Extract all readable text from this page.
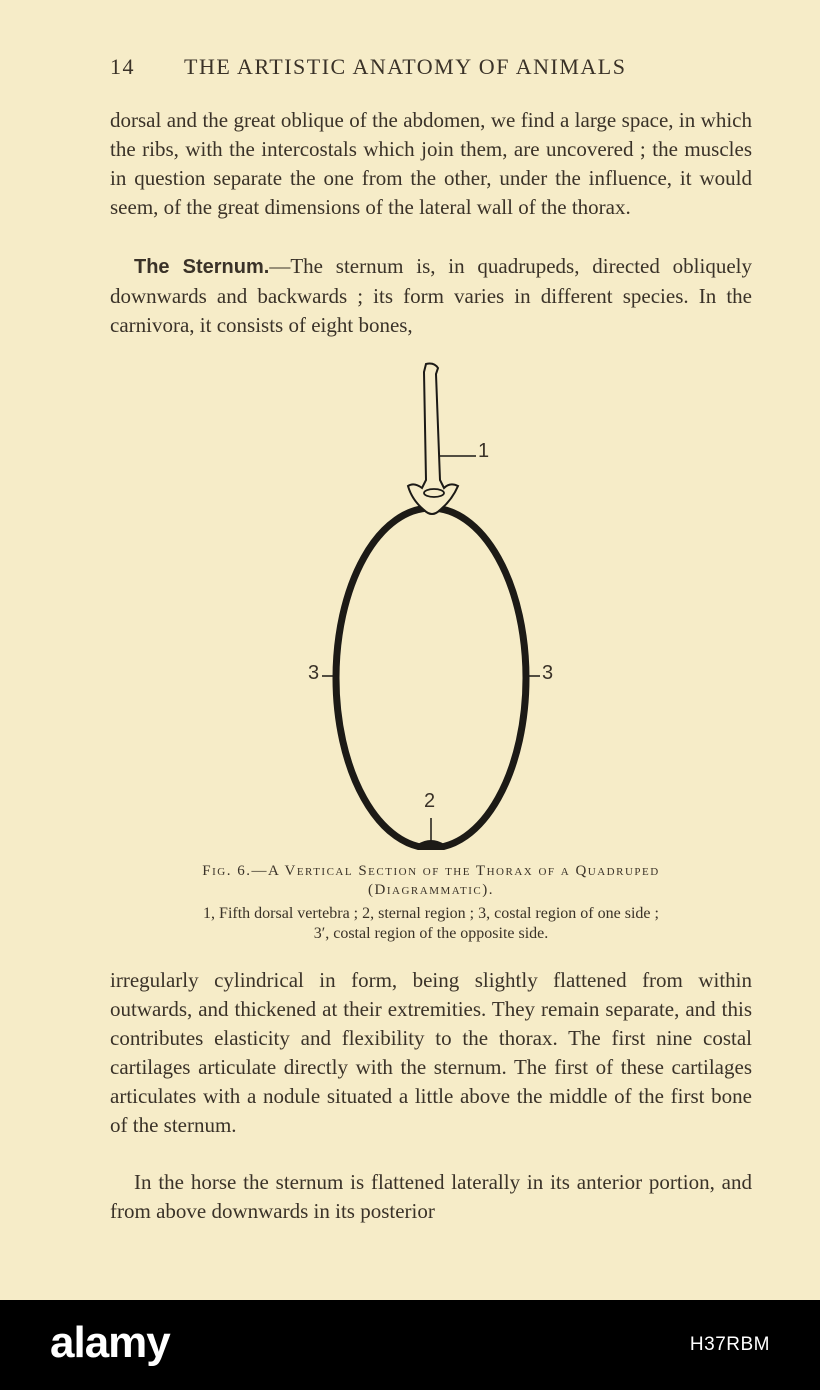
14 THE ARTISTIC ANATOMY OF ANIMALS

dorsal and the great oblique of the abdomen, we find a large space, in which the ribs, with the intercostals which join them, are uncovered ; the muscles in question separate the one from the other, under the influence, it would seem, of the great dimensions of the lateral wall of the thorax.

The Sternum.—The sternum is, in quadrupeds, directed obliquely downwards and backwards ; its form varies in different species. In the carnivora, it consists of eight bones,

1
3	3
2
Fig. 6.—A Vertical Section of the Thorax of a Quadruped
(Diagrammatic).
1, Fifth dorsal vertebra ; 2, sternal region ; 3, costal region of one side ;
3′, costal region of the opposite side.

irregularly cylindrical in form, being slightly flattened from within outwards, and thickened at their extremities. They remain separate, and this contributes elasticity and flexibility to the thorax. The first nine costal cartilages articulate directly with the sternum. The first of these cartilages articulates with a nodule situated a little above the middle of the first bone of the sternum.

In the horse the sternum is flattened laterally in its anterior portion, and from above downwards in its posterior

alamy	H37RBM
